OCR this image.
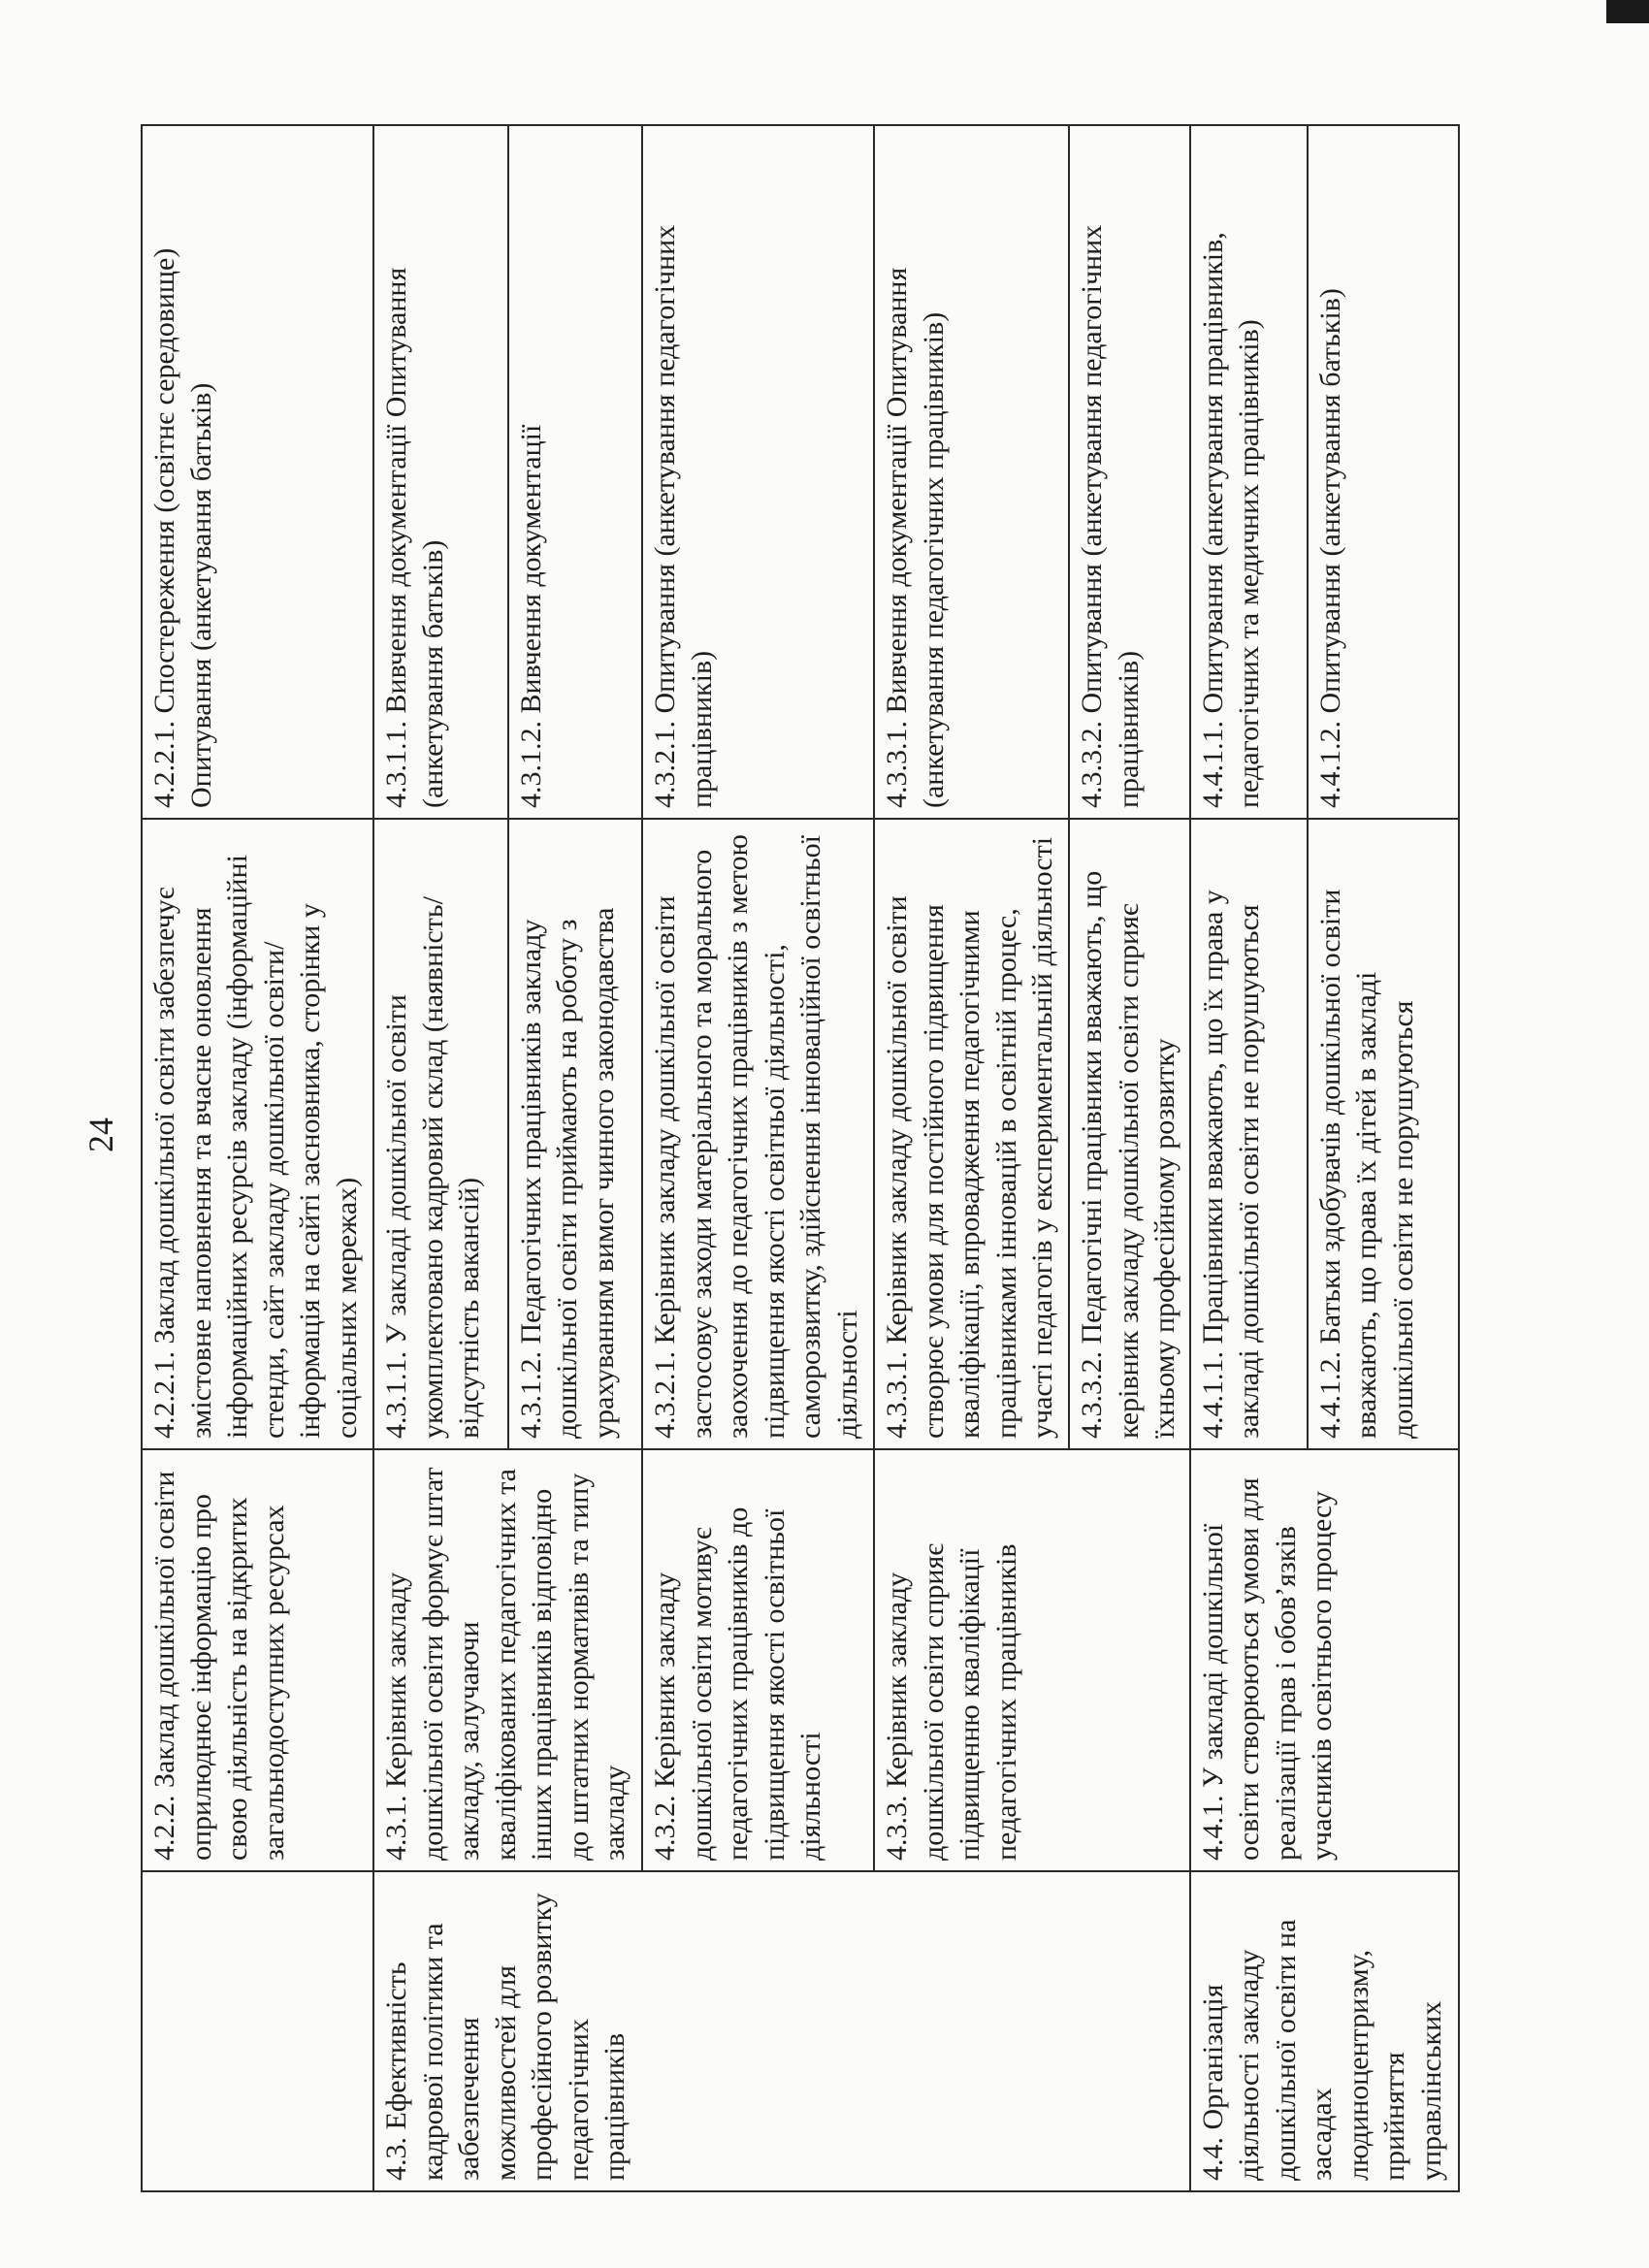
24

	4.2.2. Заклад дошкільної освіти оприлюднює інформацію про свою діяльність на відкритих загальнодоступних ресурсах	4.2.2.1. Заклад дошкільної освіти забезпечує змістовне наповнення та вчасне оновлення інформаційних ресурсів закладу (інформаційні стенди, сайт закладу дошкільної освіти/ інформація на сайті засновника, сторінки у соціальних мережах)	4.2.2.1. Спостереження (освітнє середовище) Опитування (анкетування батьків)

4.3. Ефективність кадрової політики та забезпечення можливостей для професійного розвитку педагогічних працівників	4.3.1. Керівник закладу дошкільної освіти формує штат закладу, залучаючи кваліфікованих педагогічних та інших працівників відповідно до штатних нормативів та типу закладу	4.3.1.1. У закладі дошкільної освіти укомплектовано кадровий склад (наявність/відсутність вакансій)	4.3.1.1. Вивчення документації Опитування (анкетування батьків)

		4.3.1.2. Педагогічних працівників закладу дошкільної освіти приймають на роботу з урахуванням вимог чинного законодавства	4.3.1.2. Вивчення документації

	4.3.2. Керівник закладу дошкільної освіти мотивує педагогічних працівників до підвищення якості освітньої діяльності	4.3.2.1. Керівник закладу дошкільної освіти застосовує заходи матеріального та морального заохочення до педагогічних працівників з метою підвищення якості освітньої діяльності, саморозвитку, здійснення інноваційної освітньої діяльності	4.3.2.1. Опитування (анкетування педагогічних працівників)

	4.3.3. Керівник закладу дошкільної освіти сприяє підвищенню кваліфікації педагогічних працівників	4.3.3.1. Керівник закладу дошкільної освіти створює умови для постійного підвищення кваліфікації, впровадження педагогічними працівниками інновацій в освітній процес, участі педагогів у експериментальній діяльності	4.3.3.1. Вивчення документації Опитування (анкетування педагогічних працівників)

		4.3.3.2. Педагогічні працівники вважають, що керівник закладу дошкільної освіти сприяє їхньому професійному розвитку	4.3.3.2. Опитування (анкетування педагогічних працівників)

4.4. Організація діяльності закладу дошкільної освіти на засадах людиноцентризму, прийняття управлінських	4.4.1. У закладі дошкільної освіти створюються умови для реалізації прав і обов’язків учасників освітнього процесу	4.4.1.1. Працівники вважають, що їх права у закладі дошкільної освіти не порушуються	4.4.1.1. Опитування (анкетування працівників, педагогічних та медичних працівників)

		4.4.1.2. Батьки здобувачів дошкільної освіти вважають, що права їх дітей в закладі дошкільної освіти не порушуються	4.4.1.2. Опитування (анкетування батьків)
